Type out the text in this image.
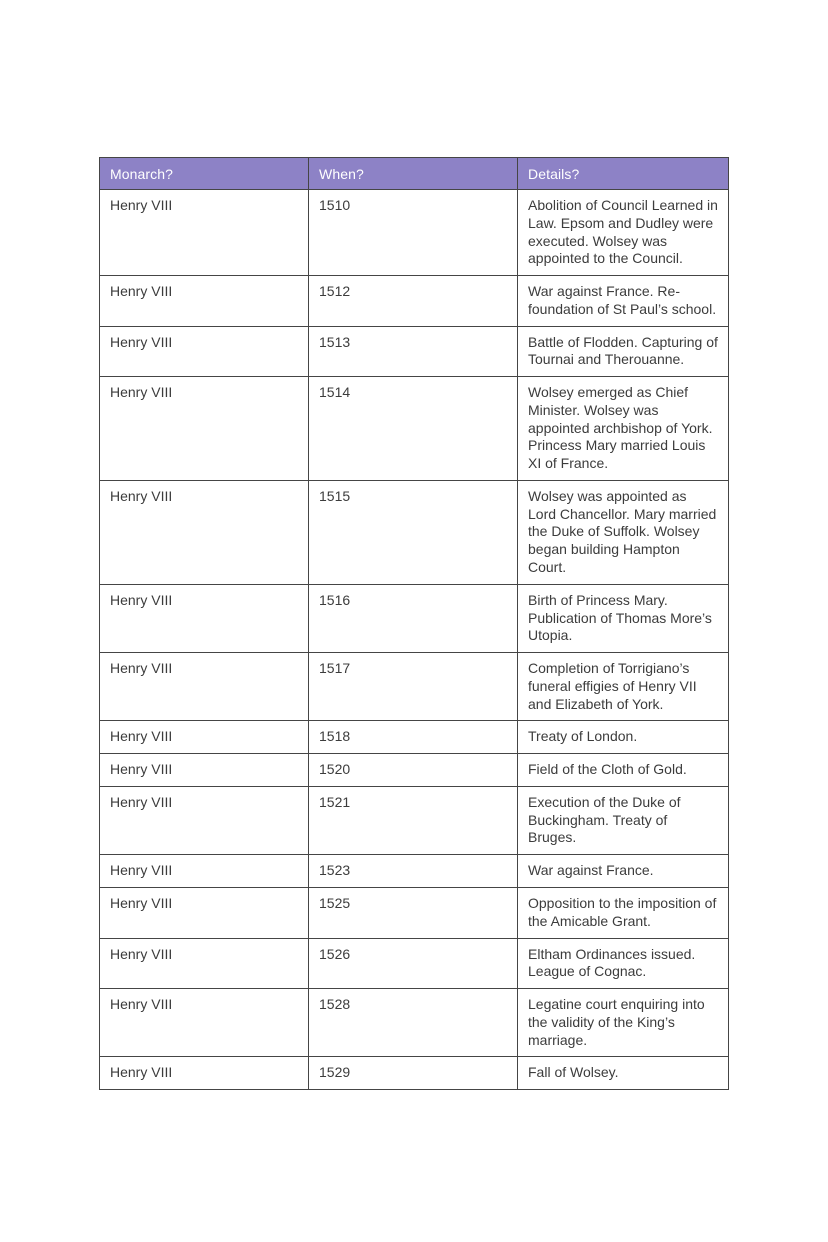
Monarch?	When?	Details?
Henry VIII	1510	Abolition of Council Learned in Law. Epsom and Dudley were executed. Wolsey was appointed to the Council.
Henry VIII	1512	War against France. Re-foundation of St Paul’s school.
Henry VIII	1513	Battle of Flodden. Capturing of Tournai and Therouanne.
Henry VIII	1514	Wolsey emerged as Chief Minister. Wolsey was appointed archbishop of York. Princess Mary married Louis XI of France.
Henry VIII	1515	Wolsey was appointed as Lord Chancellor. Mary married the Duke of Suffolk. Wolsey began building Hampton Court.
Henry VIII	1516	Birth of Princess Mary. Publication of Thomas More’s Utopia.
Henry VIII	1517	Completion of Torrigiano’s funeral effigies of Henry VII and Elizabeth of York.
Henry VIII	1518	Treaty of London.
Henry VIII	1520	Field of the Cloth of Gold.
Henry VIII	1521	Execution of the Duke of Buckingham. Treaty of Bruges.
Henry VIII	1523	War against France.
Henry VIII	1525	Opposition to the imposition of the Amicable Grant.
Henry VIII	1526	Eltham Ordinances issued. League of Cognac.
Henry VIII	1528	Legatine court enquiring into the validity of the King’s marriage.
Henry VIII	1529	Fall of Wolsey.
